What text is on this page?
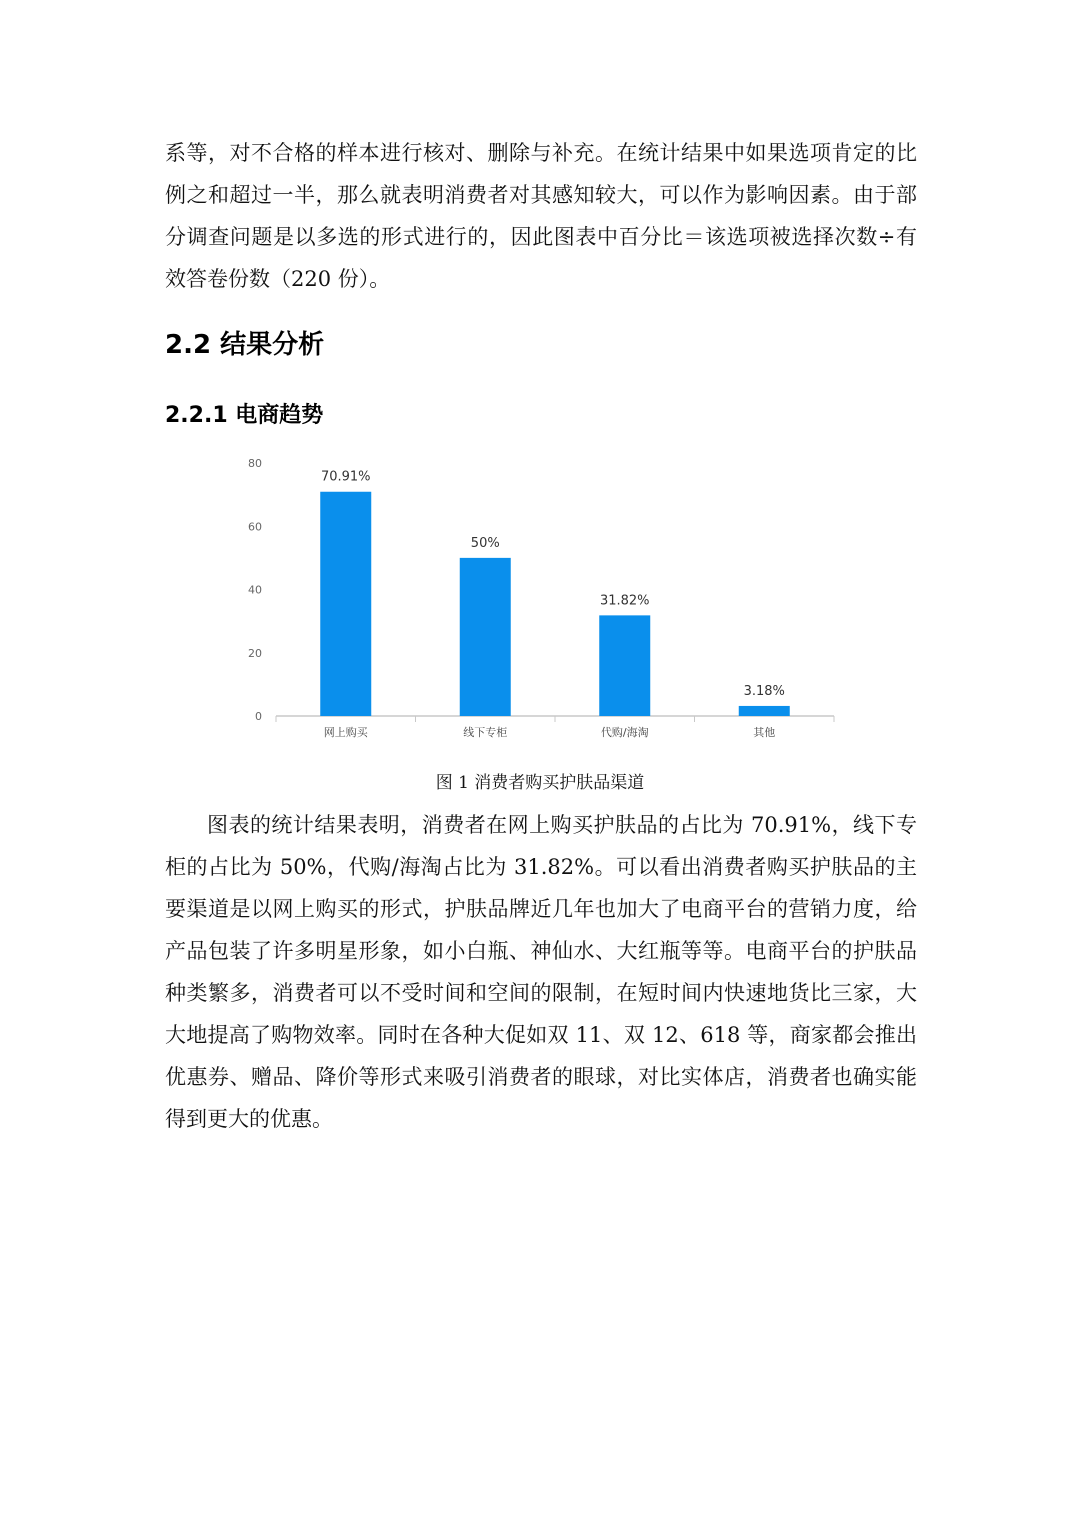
系等，对不合格的样本进行核对、删除与补充。在统计结果中如果选项肯定的比例之和超过一半，那么就表明消费者对其感知较大，可以作为影响因素。由于部分调查问题是以多选的形式进行的，因此图表中百分比＝该选项被选择次数÷有效答卷份数（220 份）。

2.2 结果分析
2.2.1 电商趋势
0
20
40
60
80
70.91%
50%
31.82%
3.18%
网上购买	线下专柜	代购/海淘	其他

图 1 消费者购买护肤品渠道

图表的统计结果表明，消费者在网上购买护肤品的占比为 70.91%，线下专柜的占比为 50%，代购/海淘占比为 31.82%。可以看出消费者购买护肤品的主要渠道是以网上购买的形式，护肤品牌近几年也加大了电商平台的营销力度，给产品包装了许多明星形象，如小白瓶、神仙水、大红瓶等等。电商平台的护肤品种类繁多，消费者可以不受时间和空间的限制，在短时间内快速地货比三家，大大地提高了购物效率。同时在各种大促如双 11、双 12、618 等，商家都会推出优惠券、赠品、降价等形式来吸引消费者的眼球，对比实体店，消费者也确实能得到更大的优惠。
